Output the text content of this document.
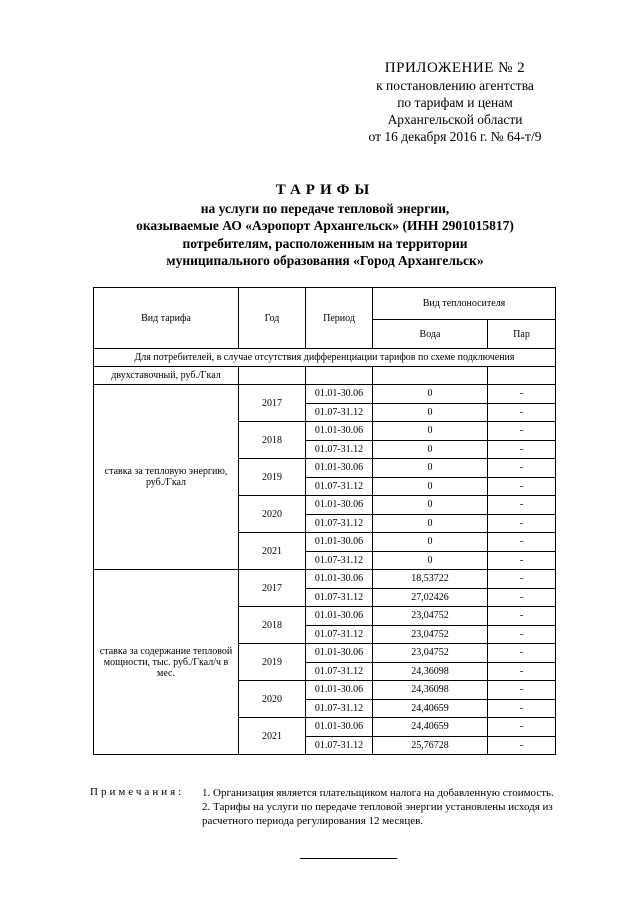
ПРИЛОЖЕНИЕ № 2
к постановлению агентства
по тарифам и ценам
Архангельской области
от 16 декабря 2016 г. № 64-т/9
ТАРИФЫ
на услуги по передаче тепловой энергии,
оказываемые АО «Аэропорт Архангельск» (ИНН 2901015817)
потребителям, расположенным на территории
муниципального образования «Город Архангельск»
Вид тарифа	Год	Период	Вид теплоносителя	
			Вода	Пар
Для потребителей, в случае отсутствия дифференциации тарифов по схеме подключения				
двухставочный, руб./Гкал				
ставка за тепловую энергию, руб./Гкал	2017	01.01-30.06	0	-
		01.07-31.12	0	-
	2018	01.01-30.06	0	-
		01.07-31.12	0	-
	2019	01.01-30.06	0	-
		01.07-31.12	0	-
	2020	01.01-30.06	0	-
		01.07-31.12	0	-
	2021	01.01-30.06	0	-
		01.07-31.12	0	-
ставка за содержание тепловой мощности, тыс. руб./Гкал/ч в мес.	2017	01.01-30.06	18,53722	-
		01.07-31.12	27,02426	-
	2018	01.01-30.06	23,04752	-
		01.07-31.12	23,04752	-
	2019	01.01-30.06	23,04752	-
		01.07-31.12	24,36098	-
	2020	01.01-30.06	24,36098	-
		01.07-31.12	24,40659	-
	2021	01.01-30.06	24,40659	-
		01.07-31.12	25,76728	-
Примечания: 1. Организация является плательщиком налога на добавленную стоимость.

2. Тарифы на услуги по передаче тепловой энергии установлены исходя из расчетного периода регулирования 12 месяцев.
